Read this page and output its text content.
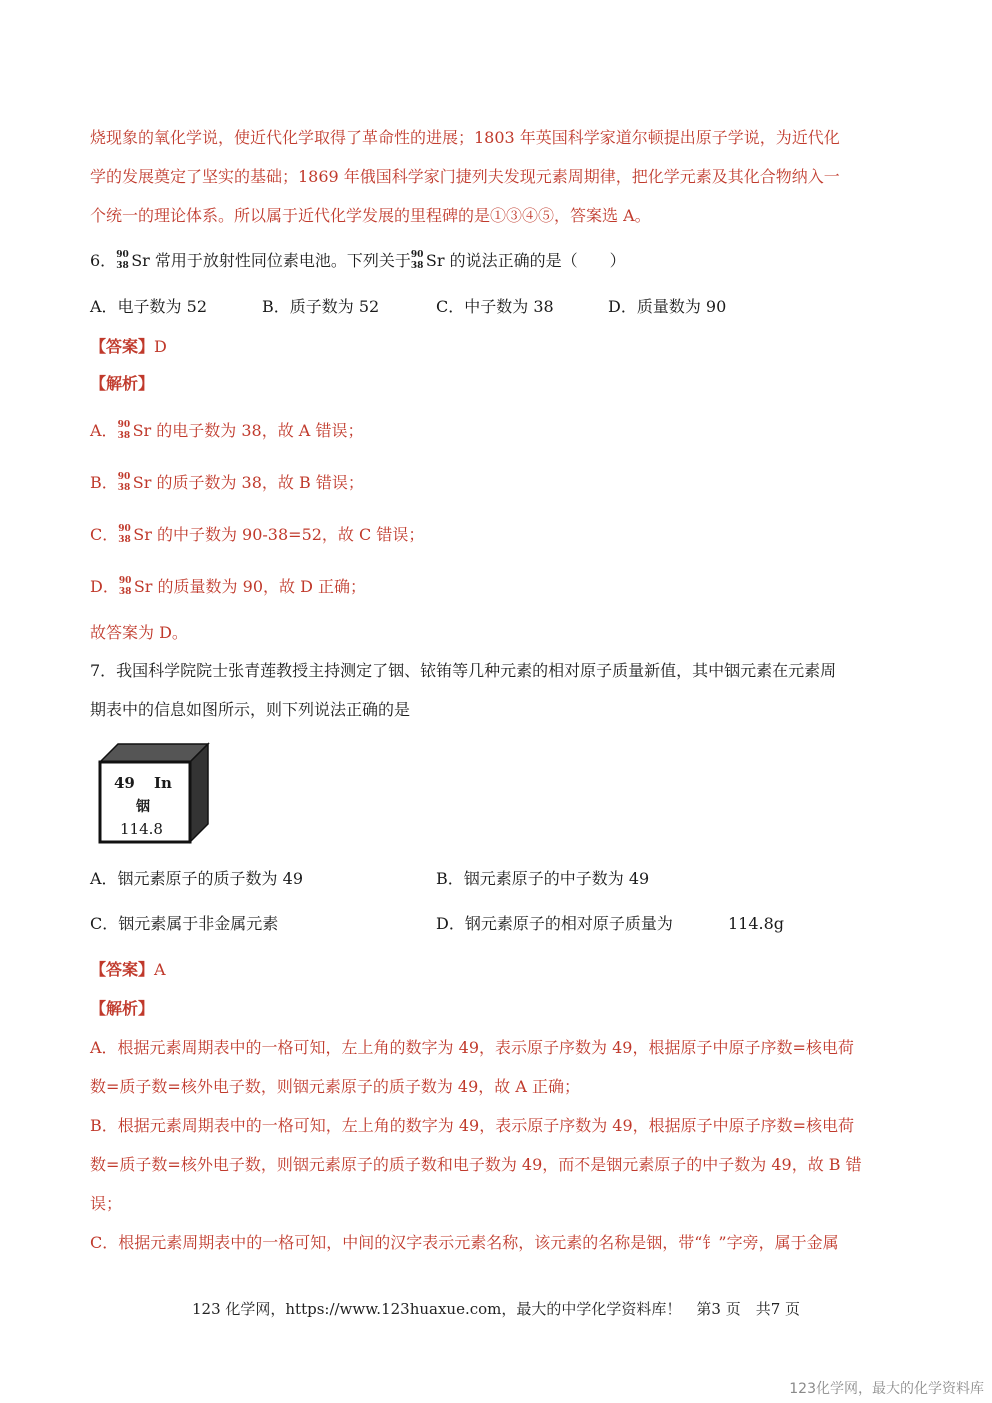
烧现象的氧化学说，使近代化学取得了革命性的进展；1803 年英国科学家道尔顿提出原子学说，为近代化
学的发展奠定了坚实的基础；1869 年俄国科学家门捷列夫发现元素周期律，把化学元素及其化合物纳入一
个统一的理论体系。所以属于近代化学发展的里程碑的是①③④⑤，答案选 A。
6． 90
38 Sr 常用于放射性同位素电池。下列关于 90
38 Sr 的说法正确的是（　　）
A．电子数为 52	B．质子数为 52	C．中子数为 38	D．质量数为 90
【答案】D
【解析】
A． 90
38 Sr 的电子数为 38，故 A 错误；
B． 90
38 Sr 的质子数为 38，故 B 错误；
C． 90
38 Sr 的中子数为 90-38=52，故 C 错误；
D． 90
38 Sr 的质量数为 90，故 D 正确；
故答案为 D。
7．我国科学院院士张青莲教授主持测定了铟、铱铕等几种元素的相对原子质量新值，其中铟元素在元素周
期表中的信息如图所示，则下列说法正确的是
49 In
铟
114.8
A．铟元素原子的质子数为 49	B．铟元素原子的中子数为 49
C．铟元素属于非金属元素	D．钢元素原子的相对原子质量为	114.8g
【答案】A
【解析】
A．根据元素周期表中的一格可知，左上角的数字为 49，表示原子序数为 49，根据原子中原子序数=核电荷
数=质子数=核外电子数，则铟元素原子的质子数为 49，故 A 正确；
B．根据元素周期表中的一格可知，左上角的数字为 49，表示原子序数为 49，根据原子中原子序数=核电荷
数=质子数=核外电子数，则铟元素原子的质子数和电子数为 49，而不是铟元素原子的中子数为 49，故 B 错
误；
C．根据元素周期表中的一格可知，中间的汉字表示元素名称，该元素的名称是铟，带“钅”字旁，属于金属
123 化学网，https://www.123huaxue.com，最大的中学化学资料库！　第3 页　共7 页
123化学网，最大的化学资料库
